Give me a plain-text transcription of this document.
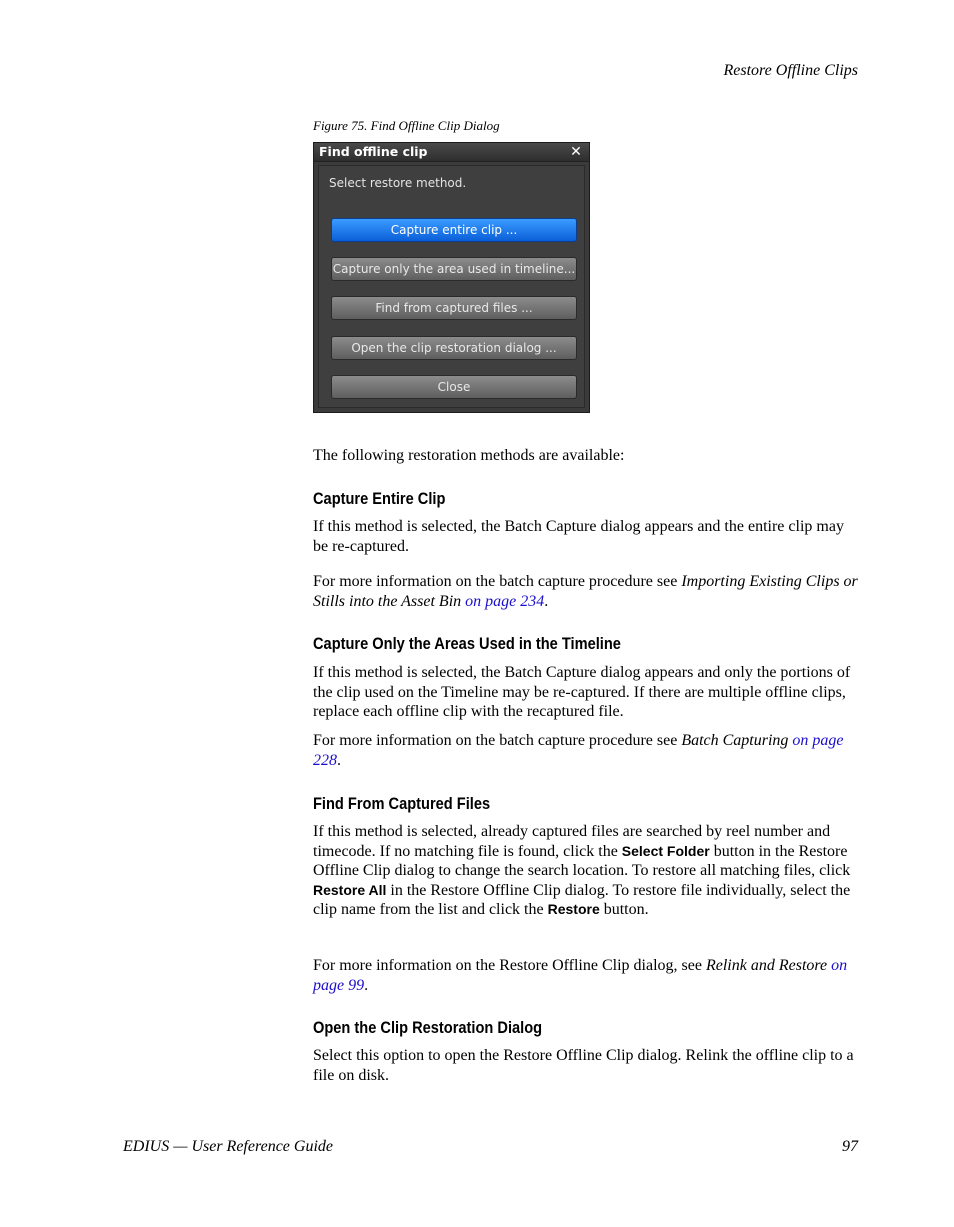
Restore Offline Clips
Figure 75. Find Offline Clip Dialog
Find offline clip	✕
Select restore method.
Capture entire clip ...
Capture only the area used in timeline...
Find from captured files ...
Open the clip restoration dialog ...
Close
The following restoration methods are available:
Capture Entire Clip
If this method is selected, the Batch Capture dialog appears and the entire clip may be re-captured.
For more information on the batch capture procedure see Importing Existing Clips or Stills into the Asset Bin on page 234.
Capture Only the Areas Used in the Timeline
If this method is selected, the Batch Capture dialog appears and only the portions of the clip used on the Timeline may be re-captured. If there are multiple offline clips, replace each offline clip with the recaptured file.
For more information on the batch capture procedure see Batch Capturing on page 228.
Find From Captured Files
If this method is selected, already captured files are searched by reel number and timecode. If no matching file is found, click the Select Folder button in the Restore Offline Clip dialog to change the search location. To restore all matching files, click Restore All in the Restore Offline Clip dialog. To restore file individually, select the clip name from the list and click the Restore button.
For more information on the Restore Offline Clip dialog, see Relink and Restore on page 99.
Open the Clip Restoration Dialog
Select this option to open the Restore Offline Clip dialog. Relink the offline clip to a file on disk.
EDIUS — User Reference Guide	97
